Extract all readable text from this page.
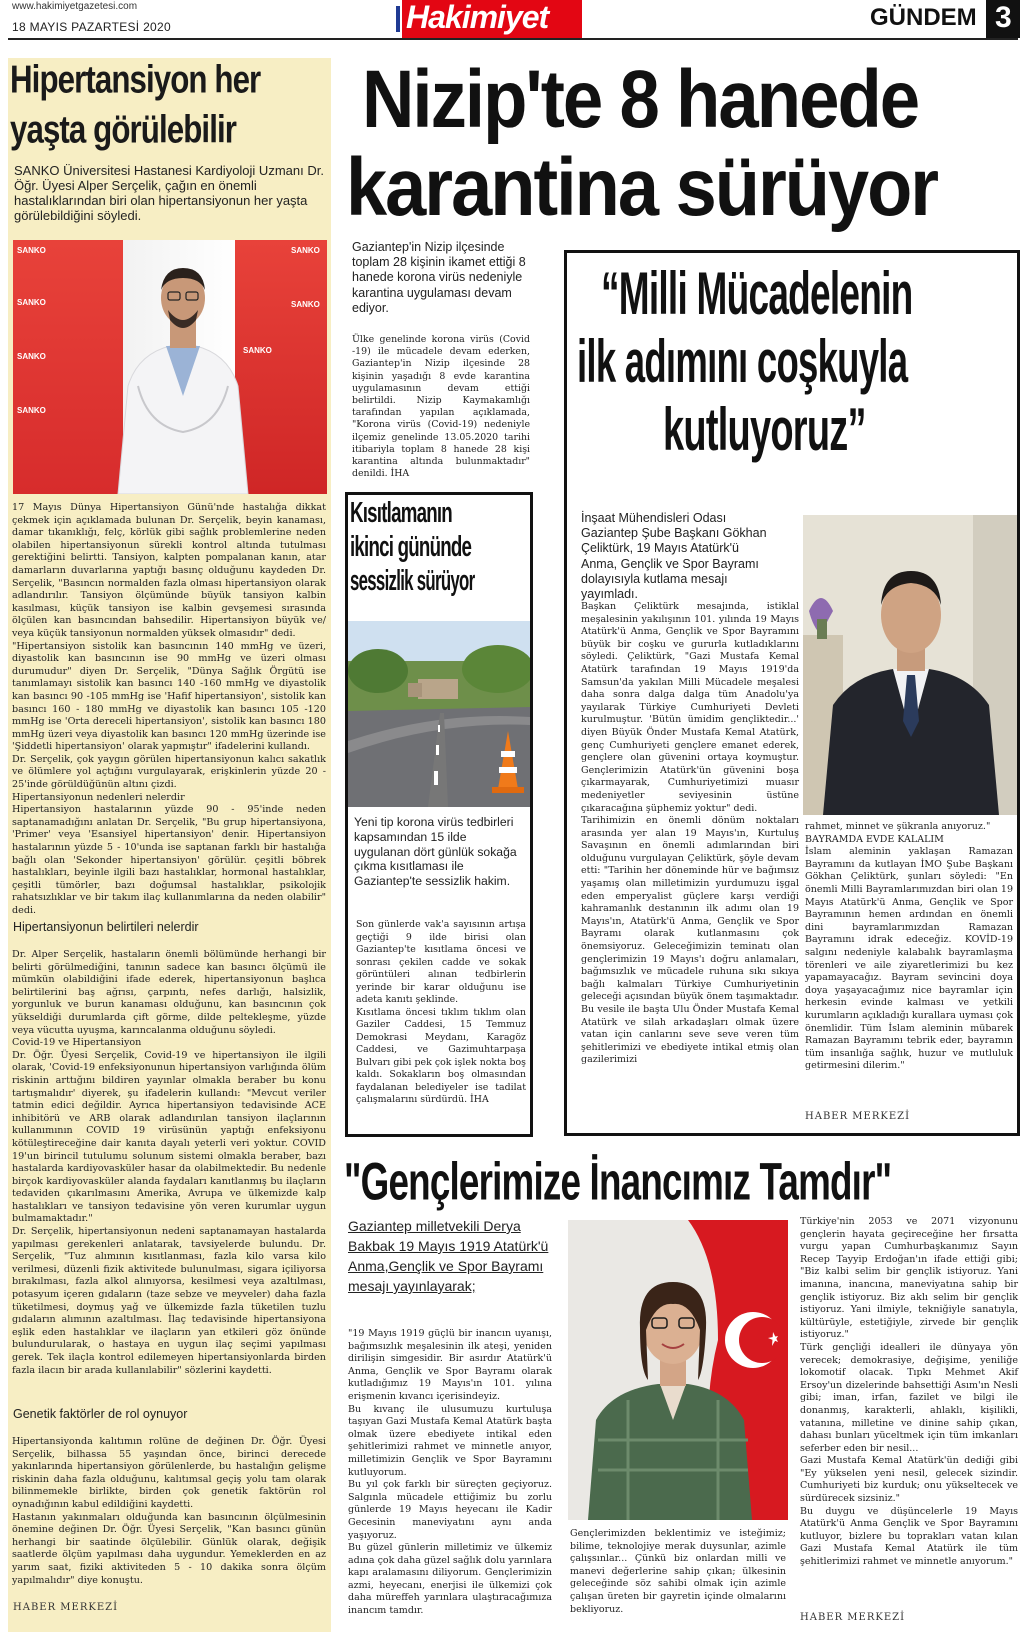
www.hakimiyetgazetesi.com
18 MAYIS PAZARTESİ 2020	Hakimiyet	GÜNDEM 3
Hipertansiyon her
yaşta görülebilir
SANKO Üniversitesi Hastanesi Kardiyoloji Uzmanı Dr. Öğr. Üyesi Alper Serçelik, çağın en önemli hastalıklarından biri olan hipertansiyonun her yaşta görülebildiğini söyledi.
SANKO
SANKO
SANKO
SANKO
SANKO
SANKO
SANKO
17 Mayıs Dünya Hipertansiyon Günü'nde hastalığa dikkat çekmek için açıklamada bulunan Dr. Serçelik, beyin kanaması, damar tıkanıklığı, felç, körlük gibi sağlık problemlerine neden olabilen hipertansiyonun sürekli kontrol altında tutulması gerektiğini belirtti. Tansiyon, kalpten pompalanan kanın, atar damarların duvarlarına yaptığı basınç olduğunu kaydeden Dr. Serçelik, "Basıncın normalden fazla olması hipertansiyon olarak adlandırılır. Tansiyon ölçümünde büyük tansiyon kalbin kasılması, küçük tansiyon ise kalbin gevşemesi sırasında ölçülen kan basıncından bahsedilir. Hipertansiyon büyük ve/ veya küçük tansiyonun normalden yüksek olmasıdır" dedi.
"Hipertansiyon sistolik kan basıncının 140 mmHg ve üzeri, diyastolik kan basıncının ise 90 mmHg ve üzeri olması durumudur" diyen Dr. Serçelik, "Dünya Sağlık Örgütü ise tanımlamayı sistolik kan basıncı 140 -160 mmHg ve diyastolik kan basıncı 90 -105 mmHg ise 'Hafif hipertansiyon', sistolik kan basıncı 160 - 180 mmHg ve diyastolik kan basıncı 105 -120 mmHg ise 'Orta dereceli hipertansiyon', sistolik kan basıncı 180 mmHg üzeri veya diyastolik kan basıncı 120 mmHg üzerinde ise 'Şiddetli hipertansiyon' olarak yapmıştır" ifadelerini kullandı.
Dr. Serçelik, çok yaygın görülen hipertansiyonun kalıcı sakatlık ve ölümlere yol açtığını vurgulayarak, erişkinlerin yüzde 20 - 25'inde görüldüğünün altını çizdi.
Hipertansiyonun nedenleri nelerdir
Hipertansiyon hastalarının yüzde 90 - 95'inde neden saptanamadığını anlatan Dr. Serçelik, "Bu grup hipertansiyona, 'Primer' veya 'Esansiyel hipertansiyon' denir. Hipertansiyon hastalarının yüzde 5 - 10'unda ise saptanan farklı bir hastalığa bağlı olan 'Sekonder hipertansiyon' görülür. çeşitli böbrek hastalıkları, beyinle ilgili bazı hastalıklar, hormonal hastalıklar, çeşitli tümörler, bazı doğumsal hastalıklar, psikolojik rahatsızlıklar ve bir takım ilaç kullanımlarına da neden olabilir" dedi.
Hipertansiyonun belirtileri nelerdir
Dr. Alper Serçelik, hastaların önemli bölümünde herhangi bir belirti görülmediğini, tanının sadece kan basıncı ölçümü ile mümkün olabildiğini ifade ederek, hipertansiyonun başlıca belirtilerini baş ağrısı, çarpıntı, nefes darlığı, halsizlik, yorgunluk ve burun kanaması olduğunu, kan basıncının çok yükseldiği durumlarda çift görme, dilde peltekleşme, yüzde veya vücutta uyuşma, karıncalanma olduğunu söyledi.
Covid-19 ve Hipertansiyon
Dr. Öğr. Üyesi Serçelik, Covid-19 ve hipertansiyon ile ilgili olarak, 'Covid-19 enfeksiyonunun hipertansiyon varlığında ölüm riskinin arttığını bildiren yayınlar olmakla beraber bu konu tartışmalıdır' diyerek, şu ifadelerin kullandı: "Mevcut veriler tatmin edici değildir. Ayrıca hipertansiyon tedavisinde ACE inhibitörü ve ARB olarak adlandırılan tansiyon ilaçlarının kullanımının COVID 19 virüsünün yaptığı enfeksiyonu kötüleştireceğine dair kanıta dayalı yeterli veri yoktur. COVID 19'un birincil tutulumu solunum sistemi olmakla beraber, bazı hastalarda kardiyovasküler hasar da olabilmektedir. Bu nedenle birçok kardiyovasküler alanda faydaları kanıtlanmış bu ilaçların tedaviden çıkarılmasını Amerika, Avrupa ve ülkemizde kalp hastalıkları ve tansiyon tedavisine yön veren kurumlar uygun bulmamaktadır."
Dr. Serçelik, hipertansiyonun nedeni saptanamayan hastalarda yapılması gerekenleri anlatarak, tavsiyelerde bulundu. Dr. Serçelik, "Tuz alımının kısıtlanması, fazla kilo varsa kilo verilmesi, düzenli fizik aktivitede bulunulması, sigara içiliyorsa bırakılması, fazla alkol alınıyorsa, kesilmesi veya azaltılması, potasyum içeren gıdaların (taze sebze ve meyveler) daha fazla tüketilmesi, doymuş yağ ve ülkemizde fazla tüketilen tuzlu gıdaların alımının azaltılması. İlaç tedavisinde hipertansiyona eşlik eden hastalıklar ve ilaçların yan etkileri göz önünde bulundurularak, o hastaya en uygun ilaç seçimi yapılması gerek. Tek ilaçla kontrol edilemeyen hipertansiyonlarda birden fazla ilacın bir arada kullanılabilir" sözlerini kaydetti.
Genetik faktörler de rol oynuyor
Hipertansiyonda kalıtımın rolüne de değinen Dr. Öğr. Üyesi Serçelik, bilhassa 55 yaşından önce, birinci derecede yakınlarında hipertansiyon görülenlerde, bu hastalığın gelişme riskinin daha fazla olduğunu, kalıtımsal geçiş yolu tam olarak bilinmemekle birlikte, birden çok genetik faktörün rol oynadığının kabul edildiğini kaydetti.
Hastanın yakınmaları olduğunda kan basıncının ölçülmesinin önemine değinen Dr. Öğr. Üyesi Serçelik, "Kan basıncı günün herhangi bir saatinde ölçülebilir. Günlük olarak, değişik saatlerde ölçüm yapılması daha uygundur. Yemeklerden en az yarım saat, fiziki aktiviteden 5 - 10 dakika sonra ölçüm yapılmalıdır" diye konuştu.
HABER MERKEZİ
Nizip'te 8 hanede
karantina sürüyor
Gaziantep'in Nizip ilçesinde toplam 28 kişinin ikamet ettiği 8 hanede korona virüs nedeniyle karantina uygulaması devam ediyor.
Ülke genelinde korona virüs (Covid -19) ile mücadele devam ederken, Gaziantep'in Nizip ilçesinde 28 kişinin yaşadığı 8 evde karantina uygulamasının devam ettiği belirtildi. Nizip Kaymakamlığı tarafından yapılan açıklamada, "Korona virüs (Covid-19) nedeniyle ilçemiz genelinde 13.05.2020 tarihi itibariyla toplam 8 hanede 28 kişi karantina altında bulunmaktadır" denildi. İHA
Kısıtlamanın
ikinci gününde
sessizlik sürüyor
Yeni tip korona virüs tedbirleri kapsamından 15 ilde uygulanan dört günlük sokağa çıkma kısıtlaması ile Gaziantep'te sessizlik hakim.
Son günlerde vak'a sayısının artışa geçtiği 9 ilde birisi olan Gaziantep'te kısıtlama öncesi ve sonrası çekilen cadde ve sokak görüntüleri alınan tedbirlerin yerinde bir karar olduğunu ise adeta kanıtı şeklinde.
Kısıtlama öncesi tıklım tıklım olan Gaziler Caddesi, 15 Temmuz Demokrasi Meydanı, Karagöz Caddesi, ve Gazimuhtarpaşa Bulvarı gibi pek çok işlek nokta boş kaldı. Sokakların boş olmasından faydalanan belediyeler ise tadilat çalışmalarını sürdürdü. İHA
“Milli Mücadelenin
ilk adımını coşkuyla
kutluyoruz”
İnşaat Mühendisleri Odası Gaziantep Şube Başkanı Gökhan Çeliktürk, 19 Mayıs Atatürk'ü Anma, Gençlik ve Spor Bayramı dolayısıyla kutlama mesajı yayımladı.
Başkan Çeliktürk mesajında, istiklal meşalesinin yakılışının 101. yılında 19 Mayıs Atatürk'ü Anma, Gençlik ve Spor Bayramını büyük bir coşku ve gururla kutladıklarını söyledi. Çeliktürk, "Gazi Mustafa Kemal Atatürk tarafından 19 Mayıs 1919'da Samsun'da yakılan Milli Mücadele meşalesi daha sonra dalga dalga tüm Anadolu'ya yayılarak Türkiye Cumhuriyeti Devleti kurulmuştur. 'Bütün ümidim gençliktedir...' diyen Büyük Önder Mustafa Kemal Atatürk, genç Cumhuriyeti gençlere emanet ederek, gençlere olan güvenini ortaya koymuştur. Gençlerimizin Atatürk'ün güvenini boşa çıkarmayarak, Cumhuriyetimizi muasır medeniyetler seviyesinin üstüne çıkaracağına şüphemiz yoktur" dedi.
Tarihimizin en önemli dönüm noktaları arasında yer alan 19 Mayıs'ın, Kurtuluş Savaşının en önemli adımlarından biri olduğunu vurgulayan Çeliktürk, şöyle devam etti: "Tarihin her döneminde hür ve bağımsız yaşamış olan milletimizin yurdumuzu işgal eden emperyalist güçlere karşı verdiği kahramanlık destanının ilk adımı olan 19 Mayıs'ın, Atatürk'ü Anma, Gençlik ve Spor Bayramı olarak kutlanmasını çok önemsiyoruz. Geleceğimizin teminatı olan gençlerimizin 19 Mayıs'ı doğru anlamaları, bağımsızlık ve mücadele ruhuna sıkı sıkıya bağlı kalmaları Türkiye Cumhuriyetinin geleceği açısından büyük önem taşımaktadır. Bu vesile ile başta Ulu Önder Mustafa Kemal Atatürk ve silah arkadaşları olmak üzere vatan için canlarını seve seve veren tüm şehitlerimizi ve ebediyete intikal etmiş olan gazilerimizi
rahmet, minnet ve şükranla anıyoruz."
BAYRAMDA EVDE KALALIM
İslam aleminin yaklaşan Ramazan Bayramını da kutlayan İMO Şube Başkanı Gökhan Çeliktürk, şunları söyledi: "En önemli Milli Bayramlarımızdan biri olan 19 Mayıs Atatürk'ü Anma, Gençlik ve Spor Bayramının hemen ardından en önemli dini bayramlarımızdan Ramazan Bayramını idrak edeceğiz. KOVİD-19 salgını nedeniyle kalabalık bayramlaşma törenleri ve aile ziyaretlerimizi bu kez yapamayacağız. Bayram sevincini doya doya yaşayacağımız nice bayramlar için herkesin evinde kalması ve yetkili kurumların açıkladığı kurallara uyması çok önemlidir. Tüm İslam aleminin mübarek Ramazan Bayramını tebrik eder, bayramın tüm insanlığa sağlık, huzur ve mutluluk getirmesini dilerim."
HABER MERKEZİ
"Gençlerimize İnancımız Tamdır"
Gaziantep milletvekili Derya Bakbak 19 Mayıs 1919 Atatürk'ü Anma,Gençlik ve Spor Bayramı mesajı yayınlayarak;
"19 Mayıs 1919 güçlü bir inancın uyanışı, bağımsızlık meşalesinin ilk ateşi, yeniden dirilişin simgesidir. Bir asırdır Atatürk'ü Anma, Gençlik ve Spor Bayramı olarak kutladığımız 19 Mayıs'ın 101. yılına erişmenin kıvancı içerisindeyiz.
Bu kıvanç ile ulusumuzu kurtuluşa taşıyan Gazi Mustafa Kemal Atatürk başta olmak üzere ebediyete intikal eden şehitlerimizi rahmet ve minnetle anıyor, milletimizin Gençlik ve Spor Bayramını kutluyorum.
Bu yıl çok farklı bir süreçten geçiyoruz. Salgınla mücadele ettiğimiz bu zorlu günlerde 19 Mayıs heyecanı ile Kadir Gecesinin maneviyatını aynı anda yaşıyoruz.
Bu güzel günlerin milletimiz ve ülkemiz adına çok daha güzel sağlık dolu yarınlara kapı aralamasını diliyorum. Gençlerimizin azmi, heyecanı, enerjisi ile ülkemizi çok daha müreffeh yarınlara ulaştıracağımıza inancım tamdır.
Gençlerimizden beklentimiz ve isteğimiz; bilime, teknolojiye merak duysunlar, azimle çalışsınlar... Çünkü biz onlardan milli ve manevi değerlerine sahip çıkan; ülkesinin geleceğinde söz sahibi olmak için azimle çalışan üreten bir gayretin içinde olmalarını bekliyoruz.
Türkiye'nin 2053 ve 2071 vizyonunu gençlerin hayata geçireceğine her fırsatta vurgu yapan Cumhurbaşkanımız Sayın Recep Tayyip Erdoğan'ın ifade ettiği gibi; "Biz kalbi selim bir gençlik istiyoruz. Yani imanına, inancına, maneviyatına sahip bir gençlik istiyoruz. Biz aklı selim bir gençlik istiyoruz. Yani ilmiyle, tekniğiyle sanatıyla, kültürüyle, estetiğiyle, zirvede bir gençlik istiyoruz."
Türk gençliği idealleri ile dünyaya yön verecek; demokrasiye, değişime, yeniliğe lokomotif olacak. Tıpkı Mehmet Akif Ersoy'un dizelerinde bahsettiği Asım'ın Nesli gibi; iman, irfan, fazilet ve bilgi ile donanmış, karakterli, ahlaklı, kişilikli, vatanına, milletine ve dinine sahip çıkan, dahası bunları yüceltmek için tüm imkanları seferber eden bir nesil...
Gazi Mustafa Kemal Atatürk'ün dediği gibi "Ey yükselen yeni nesil, gelecek sizindir. Cumhuriyeti biz kurduk; onu yükseltecek ve sürdürecek sizsiniz."
Bu duygu ve düşüncelerle 19 Mayıs Atatürk'ü Anma Gençlik ve Spor Bayramını kutluyor, bizlere bu toprakları vatan kılan Gazi Mustafa Kemal Atatürk ile tüm şehitlerimizi rahmet ve minnetle anıyorum."
HABER MERKEZİ
